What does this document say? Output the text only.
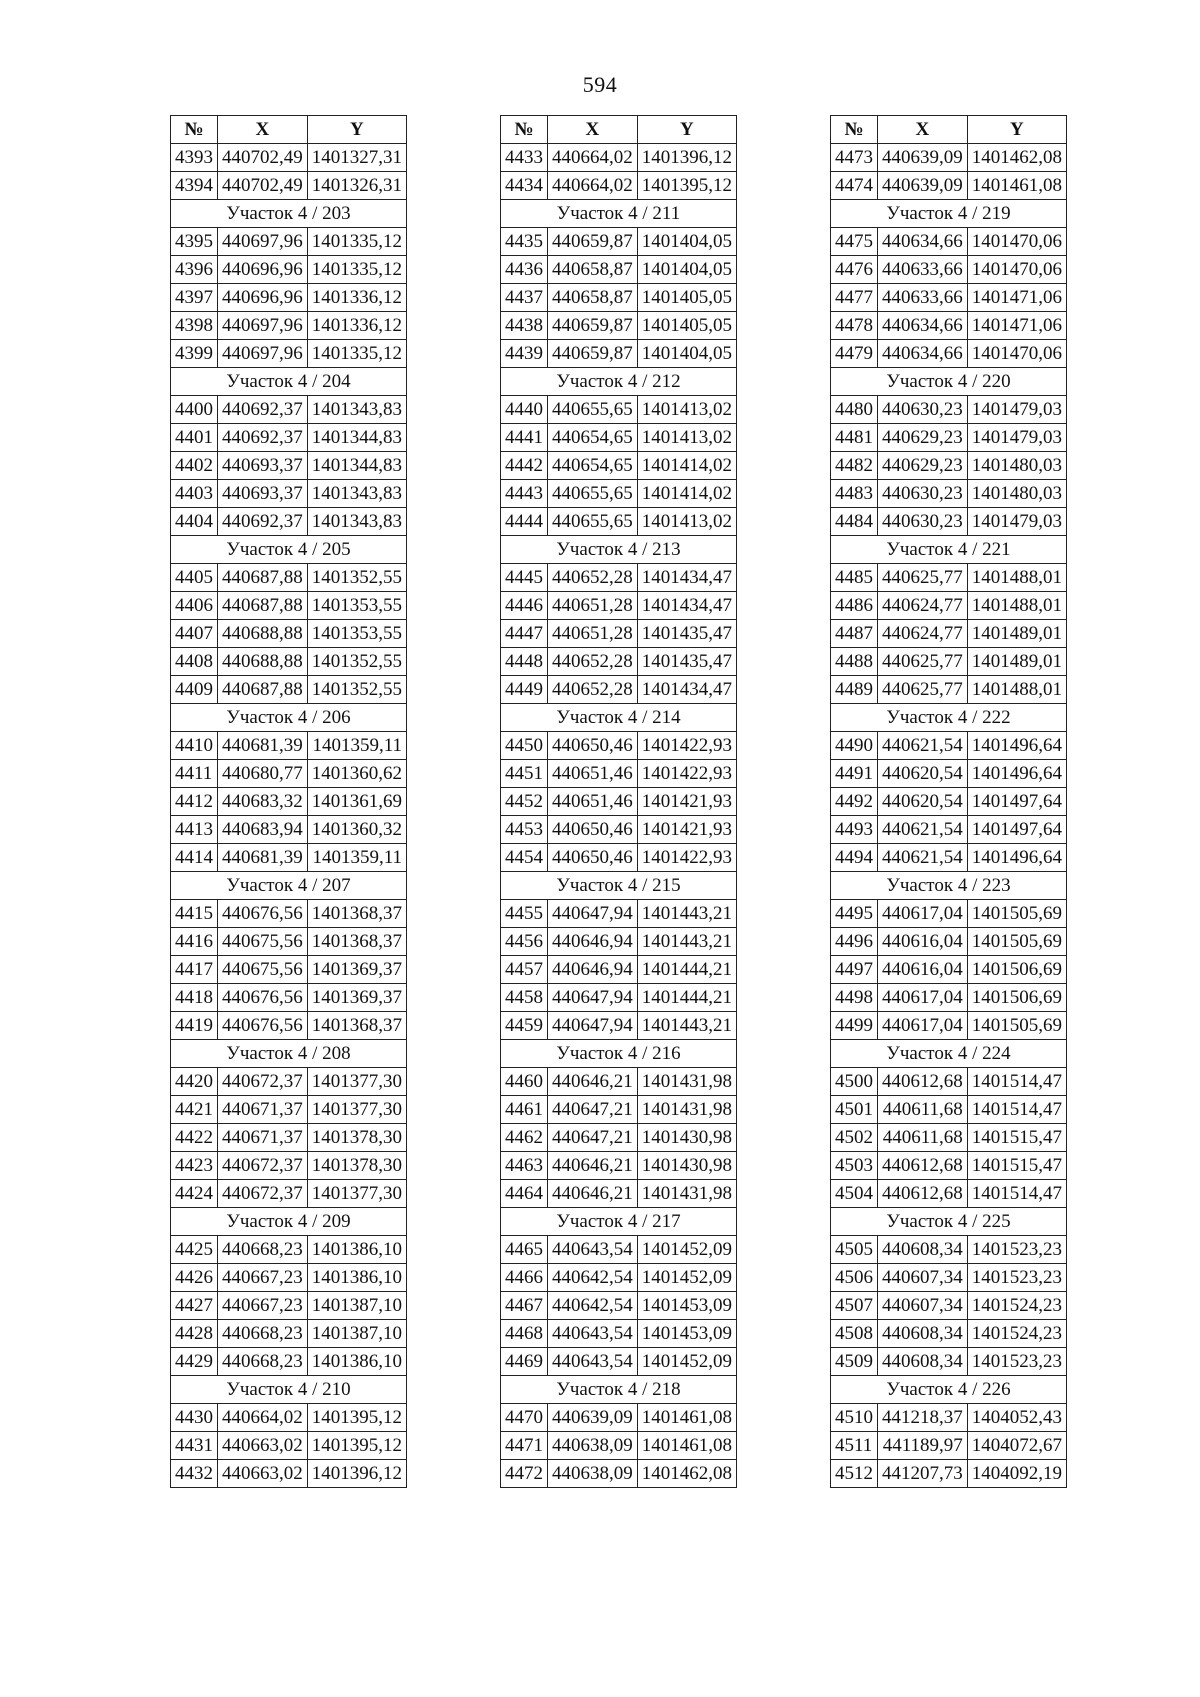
594
№	X	Y
4393	440702,49	1401327,31
4394	440702,49	1401326,31
Участок 4 / 203		
4395	440697,96	1401335,12
4396	440696,96	1401335,12
4397	440696,96	1401336,12
4398	440697,96	1401336,12
4399	440697,96	1401335,12
Участок 4 / 204		
4400	440692,37	1401343,83
4401	440692,37	1401344,83
4402	440693,37	1401344,83
4403	440693,37	1401343,83
4404	440692,37	1401343,83
Участок 4 / 205		
4405	440687,88	1401352,55
4406	440687,88	1401353,55
4407	440688,88	1401353,55
4408	440688,88	1401352,55
4409	440687,88	1401352,55
Участок 4 / 206		
4410	440681,39	1401359,11
4411	440680,77	1401360,62
4412	440683,32	1401361,69
4413	440683,94	1401360,32
4414	440681,39	1401359,11
Участок 4 / 207		
4415	440676,56	1401368,37
4416	440675,56	1401368,37
4417	440675,56	1401369,37
4418	440676,56	1401369,37
4419	440676,56	1401368,37
Участок 4 / 208		
4420	440672,37	1401377,30
4421	440671,37	1401377,30
4422	440671,37	1401378,30
4423	440672,37	1401378,30
4424	440672,37	1401377,30
Участок 4 / 209		
4425	440668,23	1401386,10
4426	440667,23	1401386,10
4427	440667,23	1401387,10
4428	440668,23	1401387,10
4429	440668,23	1401386,10
Участок 4 / 210		
4430	440664,02	1401395,12
4431	440663,02	1401395,12
4432	440663,02	1401396,12
№	X	Y
4433	440664,02	1401396,12
4434	440664,02	1401395,12
Участок 4 / 211		
4435	440659,87	1401404,05
4436	440658,87	1401404,05
4437	440658,87	1401405,05
4438	440659,87	1401405,05
4439	440659,87	1401404,05
Участок 4 / 212		
4440	440655,65	1401413,02
4441	440654,65	1401413,02
4442	440654,65	1401414,02
4443	440655,65	1401414,02
4444	440655,65	1401413,02
Участок 4 / 213		
4445	440652,28	1401434,47
4446	440651,28	1401434,47
4447	440651,28	1401435,47
4448	440652,28	1401435,47
4449	440652,28	1401434,47
Участок 4 / 214		
4450	440650,46	1401422,93
4451	440651,46	1401422,93
4452	440651,46	1401421,93
4453	440650,46	1401421,93
4454	440650,46	1401422,93
Участок 4 / 215		
4455	440647,94	1401443,21
4456	440646,94	1401443,21
4457	440646,94	1401444,21
4458	440647,94	1401444,21
4459	440647,94	1401443,21
Участок 4 / 216		
4460	440646,21	1401431,98
4461	440647,21	1401431,98
4462	440647,21	1401430,98
4463	440646,21	1401430,98
4464	440646,21	1401431,98
Участок 4 / 217		
4465	440643,54	1401452,09
4466	440642,54	1401452,09
4467	440642,54	1401453,09
4468	440643,54	1401453,09
4469	440643,54	1401452,09
Участок 4 / 218		
4470	440639,09	1401461,08
4471	440638,09	1401461,08
4472	440638,09	1401462,08
№	X	Y
4473	440639,09	1401462,08
4474	440639,09	1401461,08
Участок 4 / 219		
4475	440634,66	1401470,06
4476	440633,66	1401470,06
4477	440633,66	1401471,06
4478	440634,66	1401471,06
4479	440634,66	1401470,06
Участок 4 / 220		
4480	440630,23	1401479,03
4481	440629,23	1401479,03
4482	440629,23	1401480,03
4483	440630,23	1401480,03
4484	440630,23	1401479,03
Участок 4 / 221		
4485	440625,77	1401488,01
4486	440624,77	1401488,01
4487	440624,77	1401489,01
4488	440625,77	1401489,01
4489	440625,77	1401488,01
Участок 4 / 222		
4490	440621,54	1401496,64
4491	440620,54	1401496,64
4492	440620,54	1401497,64
4493	440621,54	1401497,64
4494	440621,54	1401496,64
Участок 4 / 223		
4495	440617,04	1401505,69
4496	440616,04	1401505,69
4497	440616,04	1401506,69
4498	440617,04	1401506,69
4499	440617,04	1401505,69
Участок 4 / 224		
4500	440612,68	1401514,47
4501	440611,68	1401514,47
4502	440611,68	1401515,47
4503	440612,68	1401515,47
4504	440612,68	1401514,47
Участок 4 / 225		
4505	440608,34	1401523,23
4506	440607,34	1401523,23
4507	440607,34	1401524,23
4508	440608,34	1401524,23
4509	440608,34	1401523,23
Участок 4 / 226		
4510	441218,37	1404052,43
4511	441189,97	1404072,67
4512	441207,73	1404092,19
